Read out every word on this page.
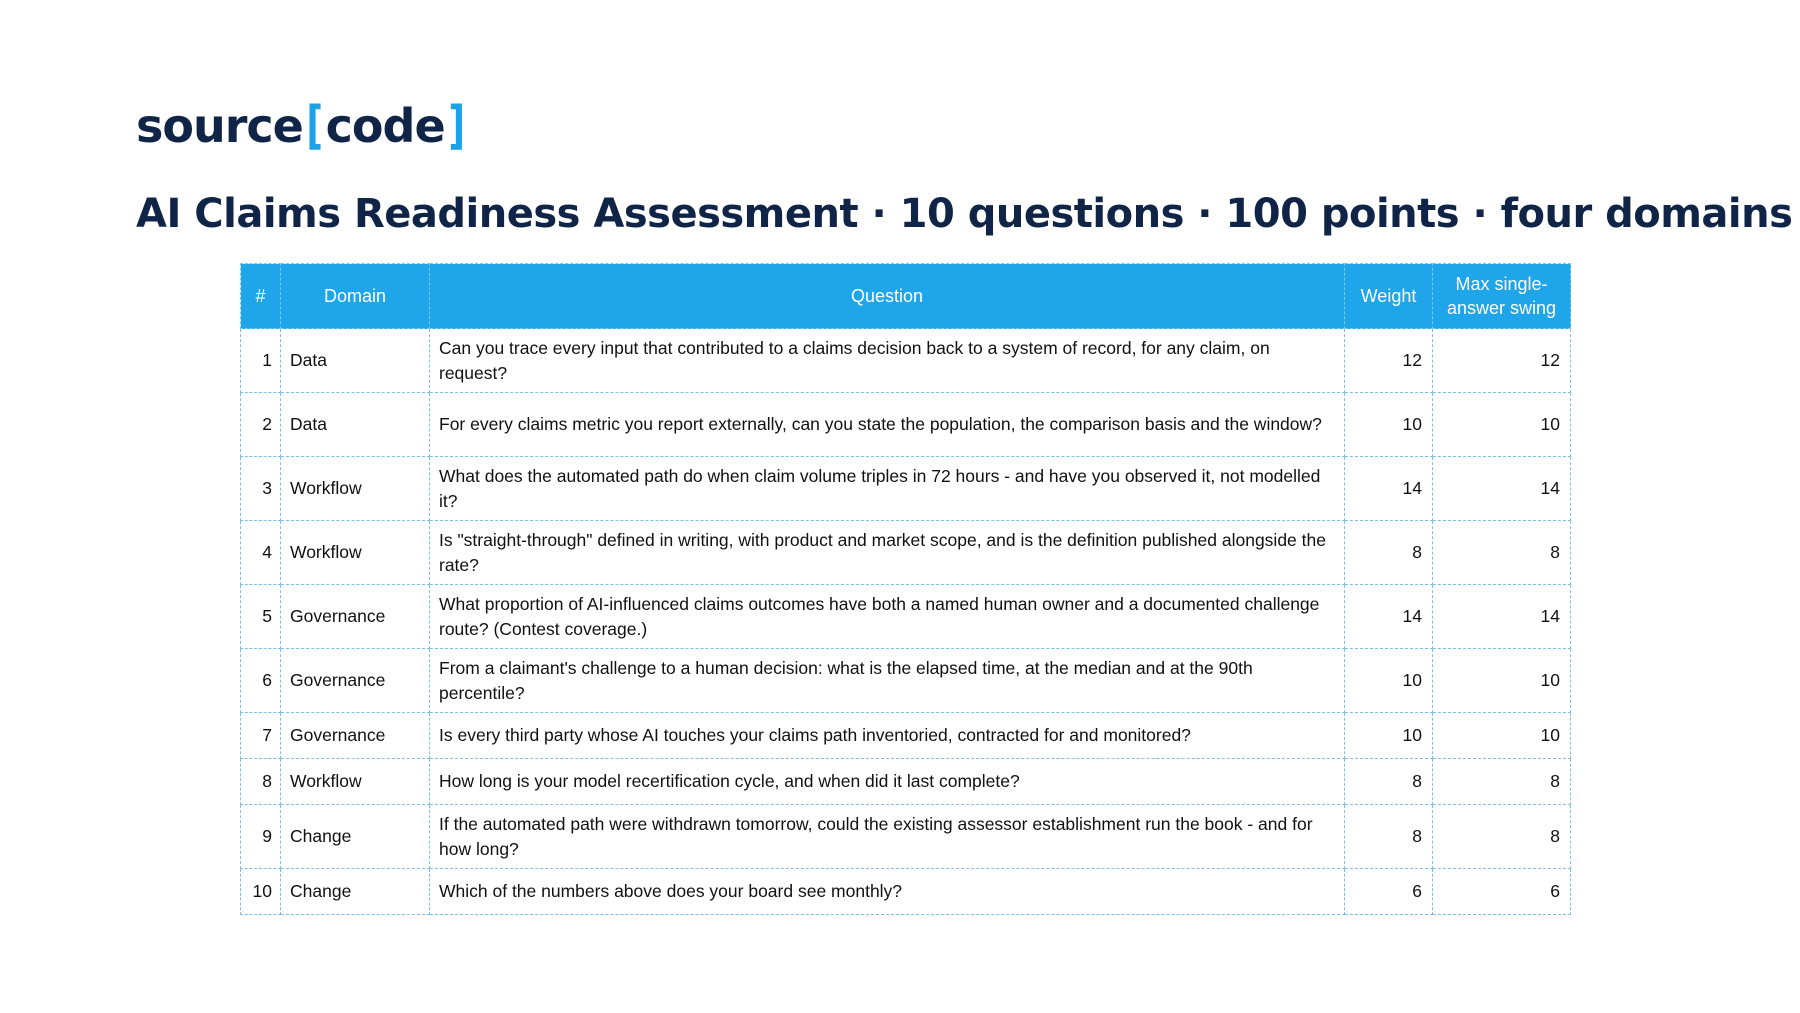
source [ code ]
AI Claims Readiness Assessment · 10 questions · 100 points · four domains
#	Domain	Question	Weight	Max single-answer swing
1	Data	Can you trace every input that contributed to a claims decision back to a system of record, for any claim, on request?	12	12
2	Data	For every claims metric you report externally, can you state the population, the comparison basis and the window?	10	10
3	Workflow	What does the automated path do when claim volume triples in 72 hours - and have you observed it, not modelled it?	14	14
4	Workflow	Is "straight-through" defined in writing, with product and market scope, and is the definition published alongside the rate?	8	8
5	Governance	What proportion of AI-influenced claims outcomes have both a named human owner and a documented challenge route? (Contest coverage.)	14	14
6	Governance	From a claimant's challenge to a human decision: what is the elapsed time, at the median and at the 90th percentile?	10	10
7	Governance	Is every third party whose AI touches your claims path inventoried, contracted for and monitored?	10	10
8	Workflow	How long is your model recertification cycle, and when did it last complete?	8	8
9	Change	If the automated path were withdrawn tomorrow, could the existing assessor establishment run the book - and for how long?	8	8
10	Change	Which of the numbers above does your board see monthly?	6	6
